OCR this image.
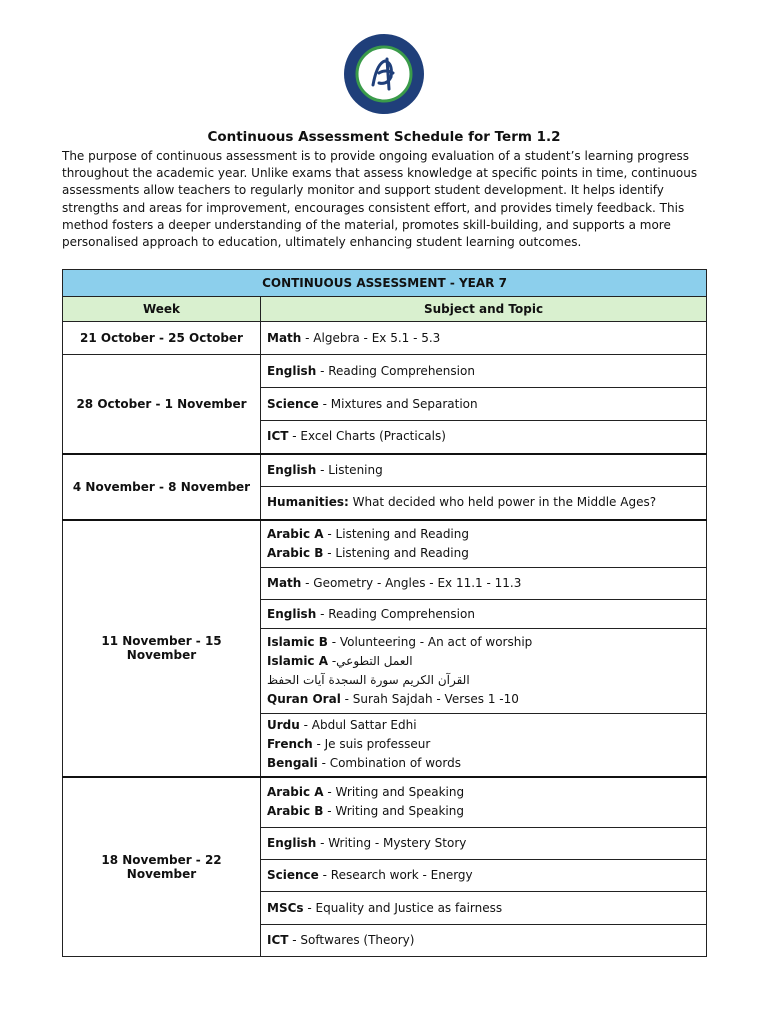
Continuous Assessment Schedule for Term 1.2
The purpose of continuous assessment is to provide ongoing evaluation of a student’s learning progress throughout the academic year. Unlike exams that assess knowledge at specific points in time, continuous assessments allow teachers to regularly monitor and support student development. It helps identify strengths and areas for improvement, encourages consistent effort, and provides timely feedback. This method fosters a deeper understanding of the material, promotes skill-building, and supports a more personalised approach to education, ultimately enhancing student learning outcomes.
CONTINUOUS ASSESSMENT - YEAR 7	
Week	Subject and Topic
21 October - 25 October	Math - Algebra - Ex 5.1 - 5.3
28 October - 1 November	English - Reading Comprehension
	Science - Mixtures and Separation
	ICT - Excel Charts (Practicals)
4 November - 8 November	English - Listening
	Humanities: What decided who held power in the Middle Ages?
11 November - 15 November	Arabic A - Listening and Reading
Arabic B - Listening and Reading

	Math - Geometry - Angles - Ex 11.1 - 11.3
	English - Reading Comprehension

	Islamic B - Volunteering - An act of worship
Islamic A -العمل التطوعي
القرآن الكريم سورة السجدة آيات الحفظ
Quran Oral - Surah Sajdah - Verses 1 -10

	Urdu - Abdul Sattar Edhi
French - Je suis professeur
Bengali - Combination of words

18 November - 22 November	Arabic A - Writing and Speaking
Arabic B - Writing and Speaking

	English - Writing - Mystery Story
	Science - Research work - Energy
	MSCs - Equality and Justice as fairness
	ICT - Softwares (Theory)
